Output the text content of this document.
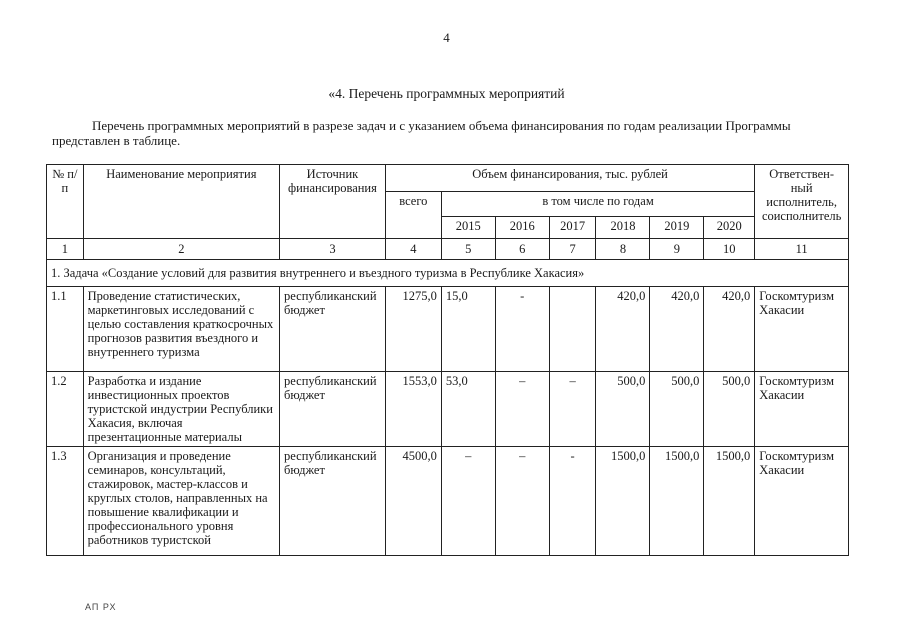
4
«4. Перечень программных мероприятий
Перечень программных мероприятий в разрезе задач и с указанием объема финансирования по годам реализации Программы представлен в таблице.
№ п/п	Наименование мероприятия	Источник финансирования	Объем финансирования, тыс. рублей							Ответствен-ный исполнитель, соисполнитель
			всего	в том числе по годам						
				2015	2016	2017	2018	2019	2020	
1	2	3	4	5	6	7	8	9	10	11
1. Задача «Создание условий для развития внутреннего и въездного туризма в Республике Хакасия»										
1.1	Проведение статистических, маркетинговых исследований с целью составления краткосрочных прогнозов развития въездного и внутреннего туризма	республиканский бюджет	1275,0	15,0	-		420,0	420,0	420,0	Госкомтуризм Хакасии
1.2	Разработка и издание инвестиционных проектов туристской индустрии Республики Хакасия, включая презентационные материалы	республиканский бюджет	1553,0	53,0	–	–	500,0	500,0	500,0	Госкомтуризм Хакасии
1.3	Организация и проведение семинаров, консультаций, стажировок, мастер-классов и круглых столов, направленных на повышение квалификации и профессионального уровня работников туристской	республиканский бюджет	4500,0	–	–	-	1500,0	1500,0	1500,0	Госкомтуризм Хакасии
АП РХ
